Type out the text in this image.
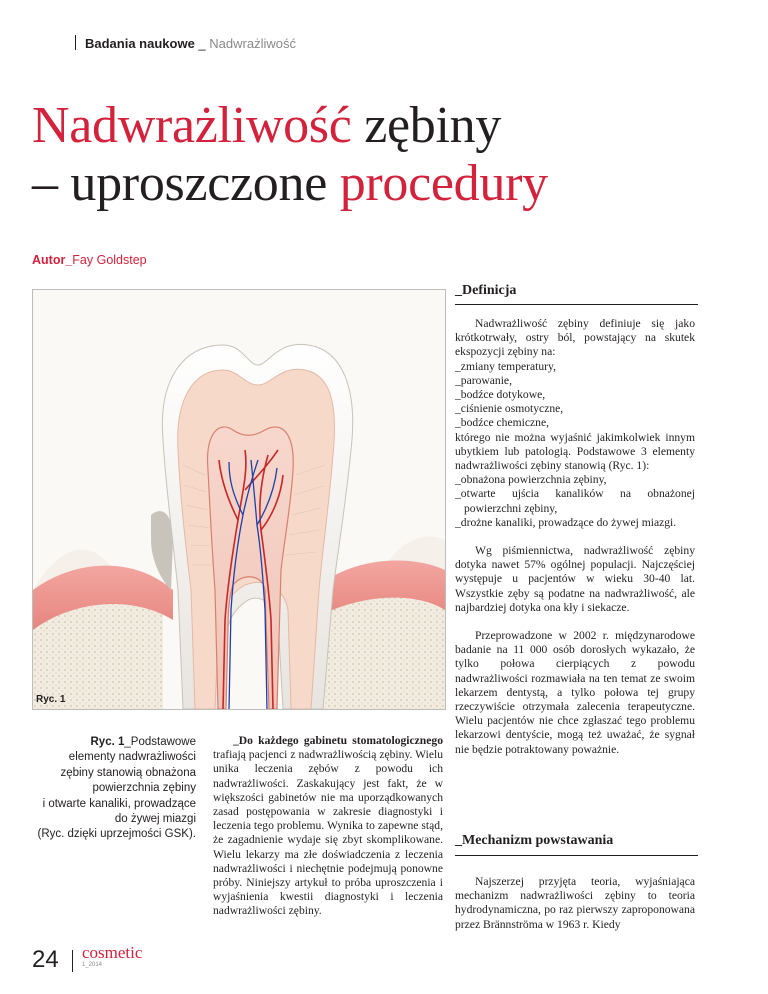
Badania naukowe _ Nadwrażliwość
Nadwrażliwość zębiny
– uproszczone procedury
Autor_Fay Goldstep
Ryc. 1
Ryc. 1_Podstawowe
elementy nadwrażliwości
zębiny stanowią obnażona
powierzchnia zębiny
i otwarte kanaliki, prowadzące
do żywej miazgi
(Ryc. dzięki uprzejmości GSK).

_Do każdego gabinetu stomatologicznego trafiają pacjenci z nadwrażliwością zębiny. Wielu unika leczenia zębów z powodu ich nadwrażliwości. Zaskakujący jest fakt, że w większości gabinetów nie ma uporządkowanych zasad postępowania w zakresie diagnostyki i leczenia tego problemu. Wynika to zapewne stąd, że zagadnienie wydaje się zbyt skomplikowane. Wielu lekarzy ma złe doświadczenia z leczenia nadwrażliwości i niechętnie podejmują ponowne próby. Niniejszy artykuł to próba uproszczenia i wyjaśnienia kwestii diagnostyki i leczenia nadwrażliwości zębiny.

_Definicja

Nadwrażliwość zębiny definiuje się jako krótkotrwały, ostry ból, powstający na skutek ekspozycji zębiny na:

_zmiany temperatury,

_parowanie,

_bodźce dotykowe,

_ciśnienie osmotyczne,

_bodźce chemiczne,

którego nie można wyjaśnić jakimkolwiek innym ubytkiem lub patologią. Podstawowe 3 elementy nadwrażliwości zębiny stanowią (Ryc. 1):

_obnażona powierzchnia zębiny,

_otwarte ujścia kanalików na obnażonej powierzchni zębiny,

_drożne kanaliki, prowadzące do żywej miazgi.

Wg piśmiennictwa, nadwrażliwość zębiny dotyka nawet 57% ogólnej populacji. Najczęściej występuje u pacjentów w wieku 30-40 lat. Wszystkie zęby są podatne na nadwrażliwość, ale najbardziej dotyka ona kły i siekacze.

Przeprowadzone w 2002 r. międzynarodowe badanie na 11 000 osób dorosłych wykazało, że tylko połowa cierpiących z powodu nadwrażliwości rozmawiała na ten temat ze swoim lekarzem dentystą, a tylko połowa tej grupy rzeczywiście otrzymała zalecenia terapeutyczne. Wielu pacjentów nie chce zgłaszać tego problemu lekarzowi dentyście, mogą też uważać, że sygnał nie będzie potraktowany poważnie.

_Mechanizm powstawania

Najszerzej przyjęta teoria, wyjaśniająca mechanizm nadwrażliwości zębiny to teoria hydrodynamiczna, po raz pierwszy zaproponowana przez Brännströma w 1963 r. Kiedy

24 cosmetic
1_2014
